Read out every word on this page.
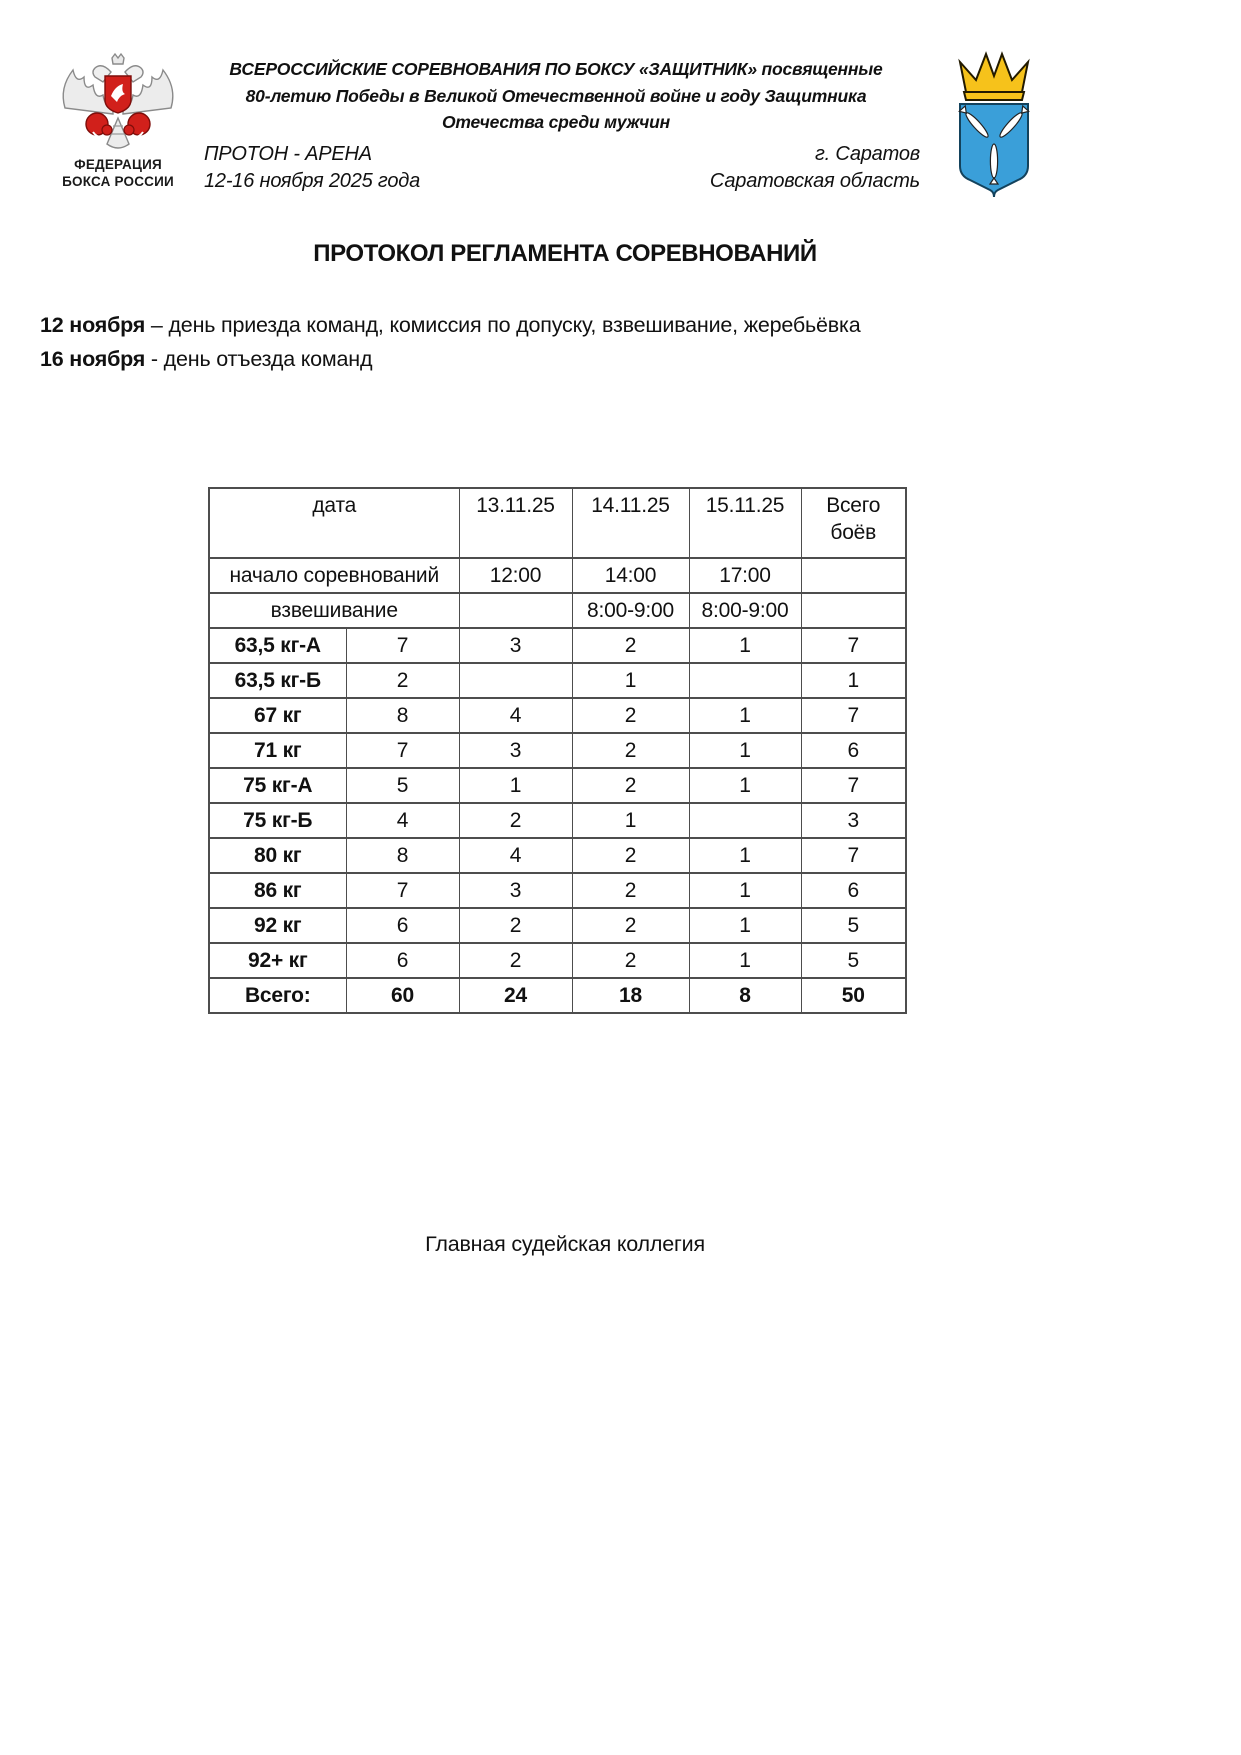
ФЕДЕРАЦИЯ
БОКСА РОССИИ
ВСЕРОССИЙСКИЕ СОРЕВНОВАНИЯ ПО БОКСУ «ЗАЩИТНИК» посвященные
80-летию Победы в Великой Отечественной войне и году Защитника
Отечества среди мужчин
ПРОТОН - АРЕНА
12-16 ноября 2025 года
г. Саратов
Саратовская область
ПРОТОКОЛ РЕГЛАМЕНТА СОРЕВНОВАНИЙ
12 ноября – день приезда команд, комиссия по допуску, взвешивание, жеребьёвка
16 ноября - день отъезда команд
дата		13.11.25	14.11.25	15.11.25	Всего
боёв
начало соревнований		12:00	14:00	17:00	
взвешивание			8:00-9:00	8:00-9:00	
63,5 кг-А	7	3	2	1	7
63,5 кг-Б	2		1		1
67 кг	8	4	2	1	7
71 кг	7	3	2	1	6
75 кг-А	5	1	2	1	7
75 кг-Б	4	2	1		3
80 кг	8	4	2	1	7
86 кг	7	3	2	1	6
92 кг	6	2	2	1	5
92+ кг	6	2	2	1	5
Всего:	60	24	18	8	50
Главная судейская коллегия
